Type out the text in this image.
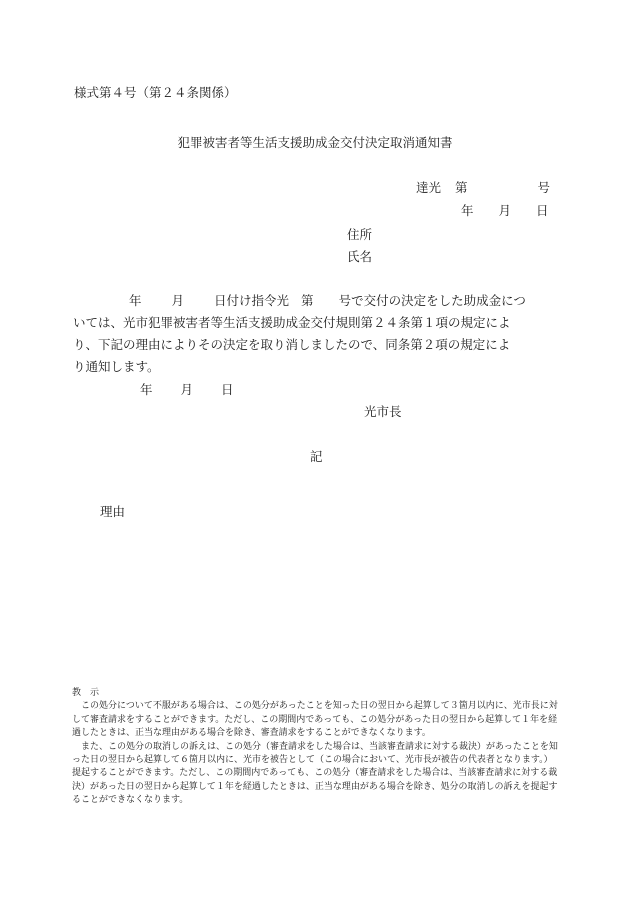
様式第４号（第２４条関係）
犯罪被害者等生活支援助成金交付決定取消通知書
達光 第	号
年 月 日
住所
氏名

年 月 日付け指令光 第 号で交付の決定をした助成金につ

いては、光市犯罪被害者等生活支援助成金交付規則第２４条第１項の規定によ

り、下記の理由によりその決定を取り消しましたので、同条第２項の規定によ

り通知します。

年 月 日
光市長
記
理由

教　示

　この処分について不服がある場合は、この処分があったことを知った日の翌日から起算して３箇月以内に、光市長に対して審査請求をすることができます。ただし、この期間内であっても、この処分があった日の翌日から起算して１年を経過したときは、正当な理由がある場合を除き、審査請求をすることができなくなります。

　また、この処分の取消しの訴えは、この処分（審査請求をした場合は、当該審査請求に対する裁決）があったことを知った日の翌日から起算して６箇月以内に、光市を被告として（この場合において、光市長が被告の代表者となります。）提起することができます。ただし、この期間内であっても、この処分（審査請求をした場合は、当該審査請求に対する裁決）があった日の翌日から起算して１年を経過したときは、正当な理由がある場合を除き、処分の取消しの訴えを提起することができなくなります。
